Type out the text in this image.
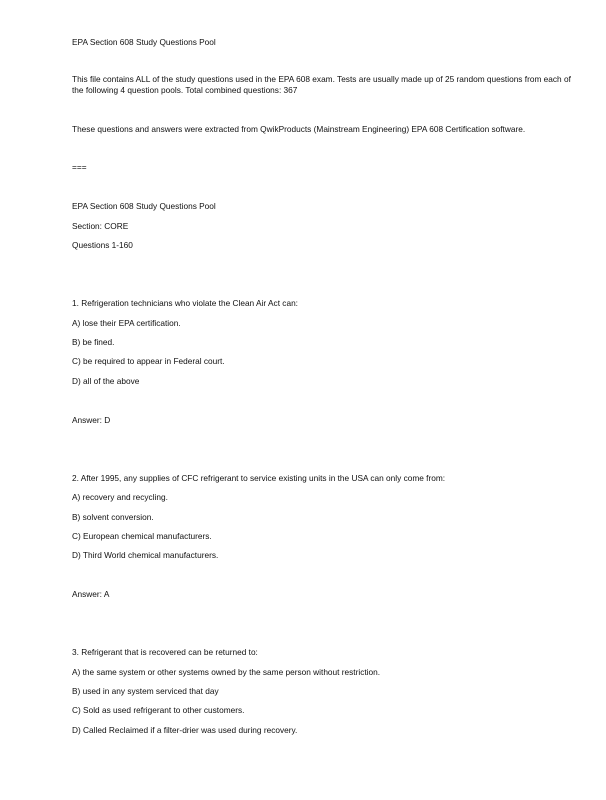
EPA Section 608 Study Questions Pool
This file contains ALL of the study questions used in the EPA 608 exam. Tests are usually made up of 25 random questions from each of the following 4 question pools. Total combined questions: 367
These questions and answers were extracted from QwikProducts (Mainstream Engineering) EPA 608 Certification software.
===
EPA Section 608 Study Questions Pool
Section: CORE
Questions 1-160
1. Refrigeration technicians who violate the Clean Air Act can:
A) lose their EPA certification.
B) be fined.
C) be required to appear in Federal court.
D) all of the above
Answer: D
2. After 1995, any supplies of CFC refrigerant to service existing units in the USA can only come from:
A) recovery and recycling.
B) solvent conversion.
C) European chemical manufacturers.
D) Third World chemical manufacturers.
Answer: A
3. Refrigerant that is recovered can be returned to:
A) the same system or other systems owned by the same person without restriction.
B) used in any system serviced that day
C) Sold as used refrigerant to other customers.
D) Called Reclaimed if a filter-drier was used during recovery.
